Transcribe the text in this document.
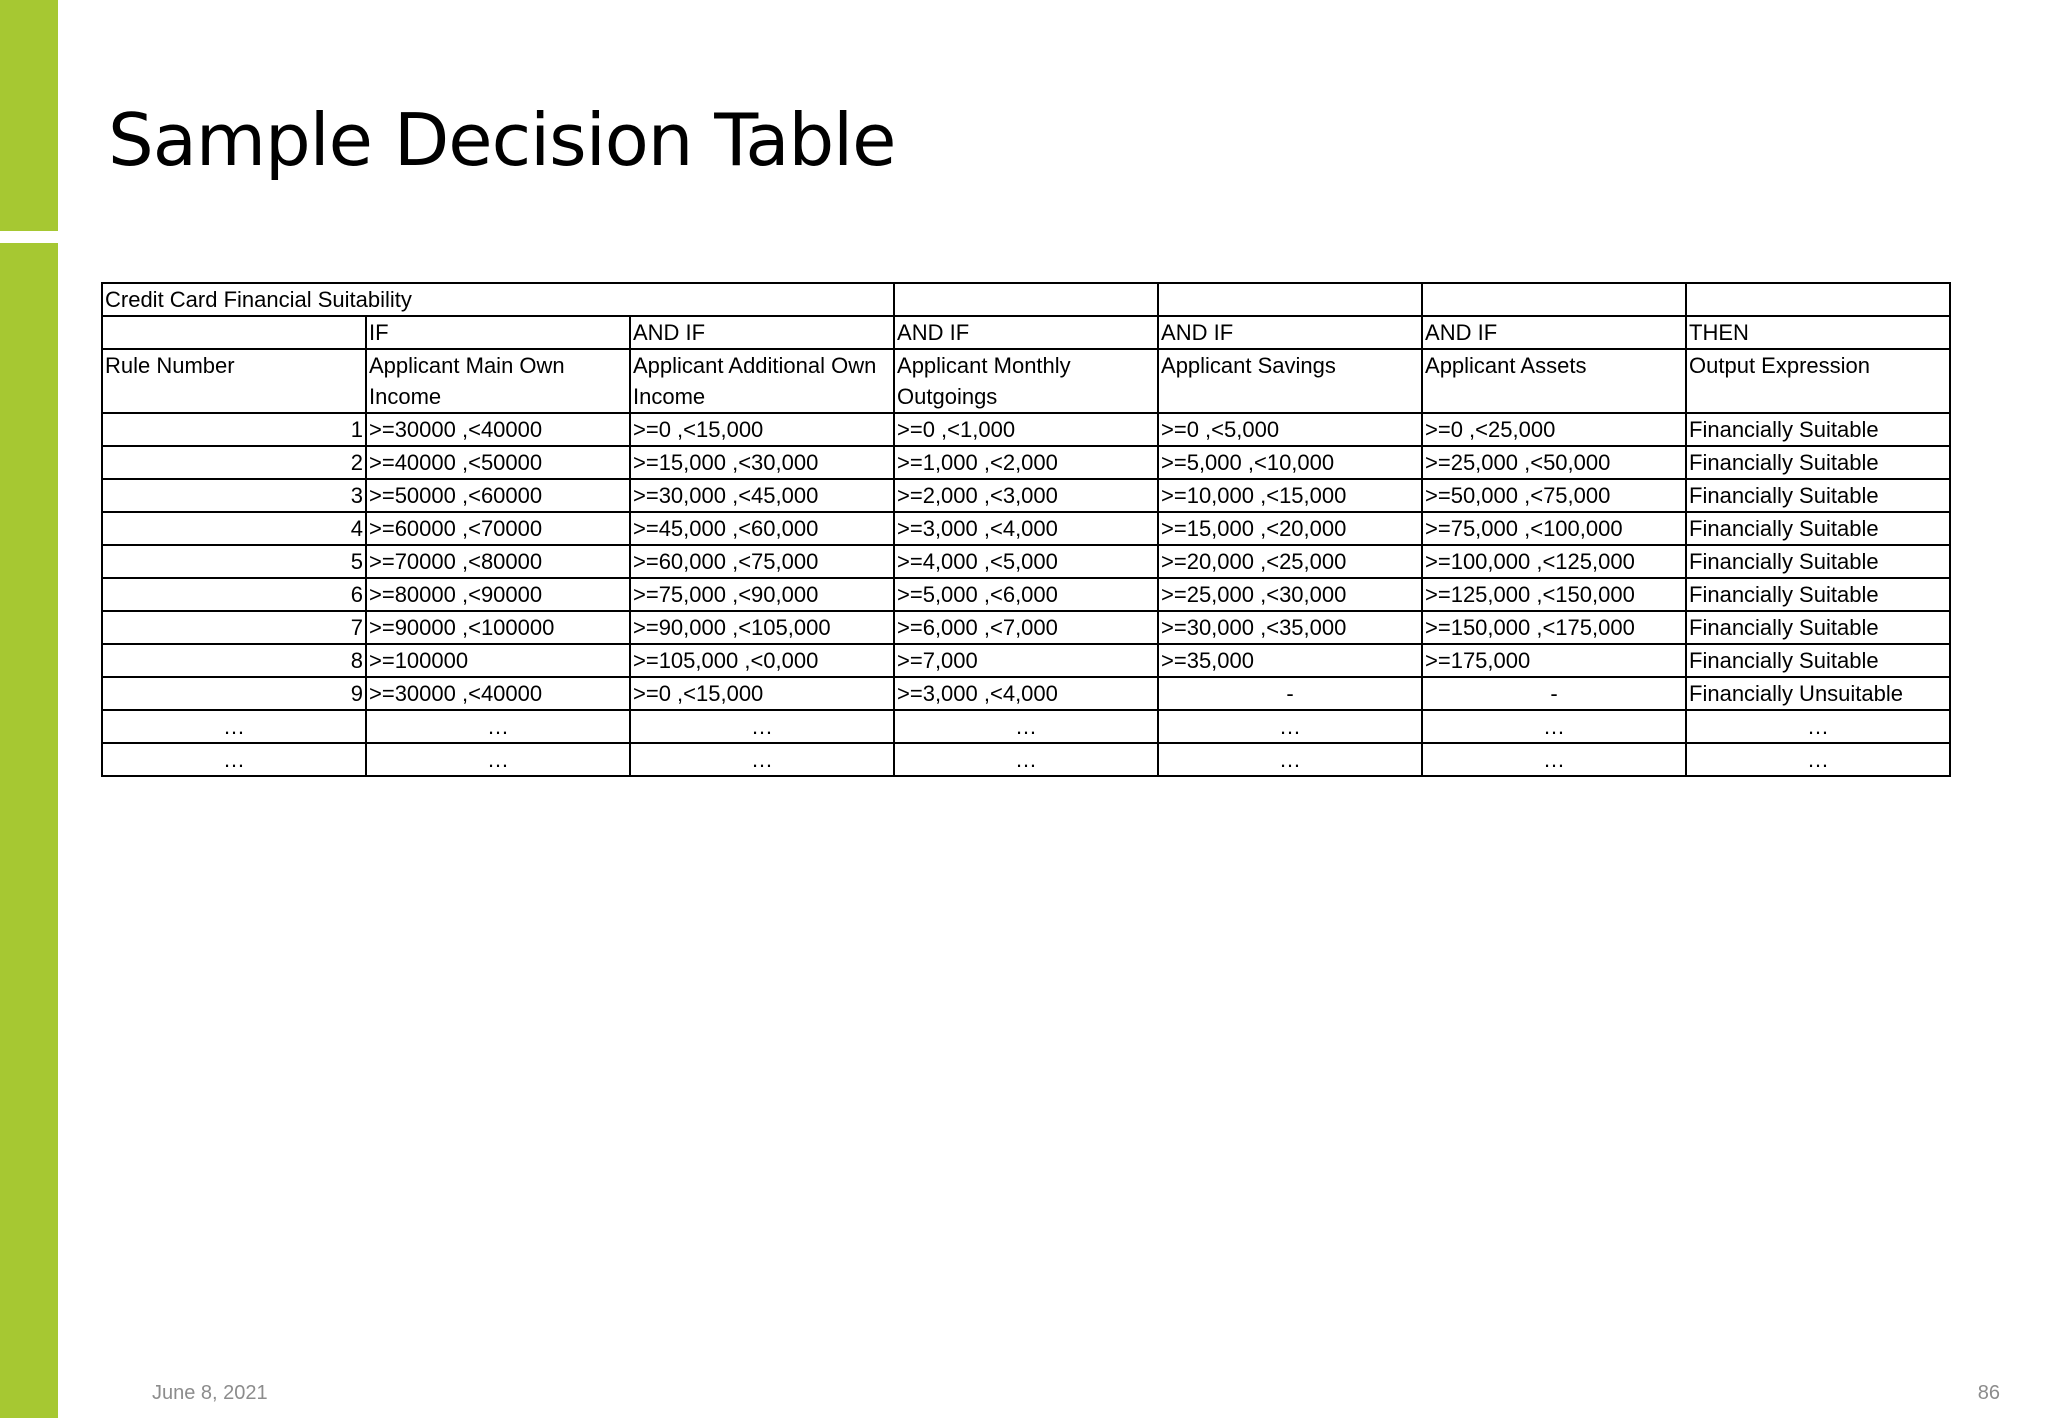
Sample Decision Table
Credit Card Financial Suitability						
	IF	AND IF	AND IF	AND IF	AND IF	THEN
Rule Number	Applicant Main Own Income	Applicant Additional Own Income	Applicant Monthly Outgoings	Applicant Savings	Applicant Assets	Output Expression
1	>=30000 ,<40000	>=0 ,<15,000	>=0 ,<1,000	>=0 ,<5,000	>=0 ,<25,000	Financially Suitable
2	>=40000 ,<50000	>=15,000 ,<30,000	>=1,000 ,<2,000	>=5,000 ,<10,000	>=25,000 ,<50,000	Financially Suitable
3	>=50000 ,<60000	>=30,000 ,<45,000	>=2,000 ,<3,000	>=10,000 ,<15,000	>=50,000 ,<75,000	Financially Suitable
4	>=60000 ,<70000	>=45,000 ,<60,000	>=3,000 ,<4,000	>=15,000 ,<20,000	>=75,000 ,<100,000	Financially Suitable
5	>=70000 ,<80000	>=60,000 ,<75,000	>=4,000 ,<5,000	>=20,000 ,<25,000	>=100,000 ,<125,000	Financially Suitable
6	>=80000 ,<90000	>=75,000 ,<90,000	>=5,000 ,<6,000	>=25,000 ,<30,000	>=125,000 ,<150,000	Financially Suitable
7	>=90000 ,<100000	>=90,000 ,<105,000	>=6,000 ,<7,000	>=30,000 ,<35,000	>=150,000 ,<175,000	Financially Suitable
8	>=100000	>=105,000 ,<0,000	>=7,000	>=35,000	>=175,000	Financially Suitable
9	>=30000 ,<40000	>=0 ,<15,000	>=3,000 ,<4,000	-	-	Financially Unsuitable
…	…	…	…	…	…	…
…	…	…	…	…	…	…
June 8, 2021	86
